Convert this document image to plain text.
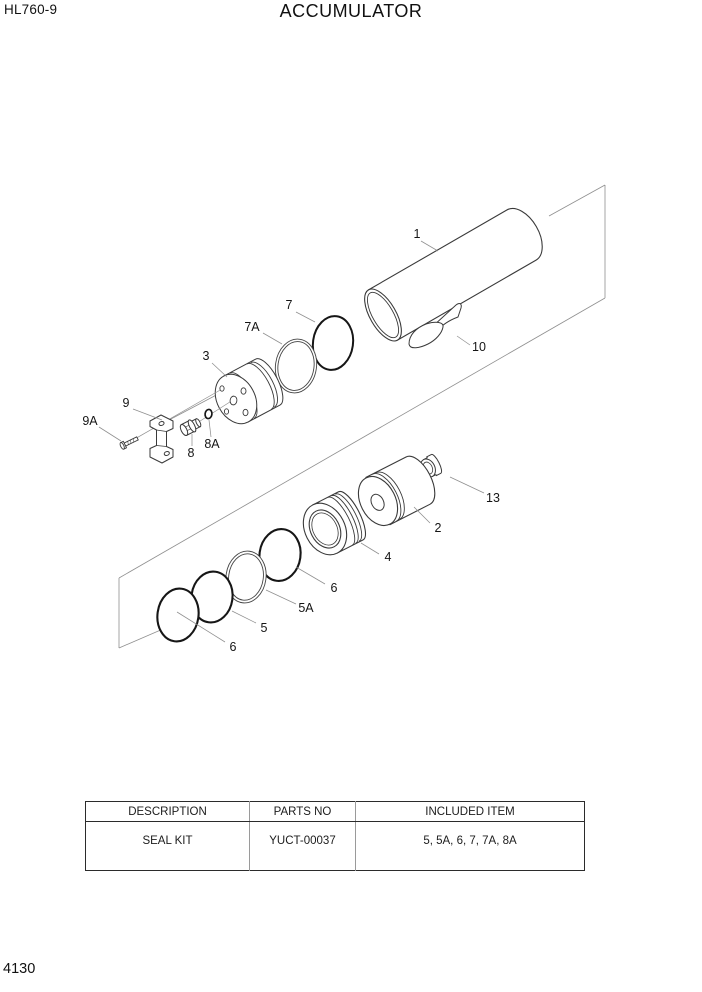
HL760-9	ACCUMULATOR
1
10
7
7A
3
9
9A
8A
8
13
2
4
6
5A
5
6
DESCRIPTION	PARTS NO	INCLUDED ITEM
SEAL KIT	YUCT-00037	5, 5A, 6, 7, 7A, 8A
4130
